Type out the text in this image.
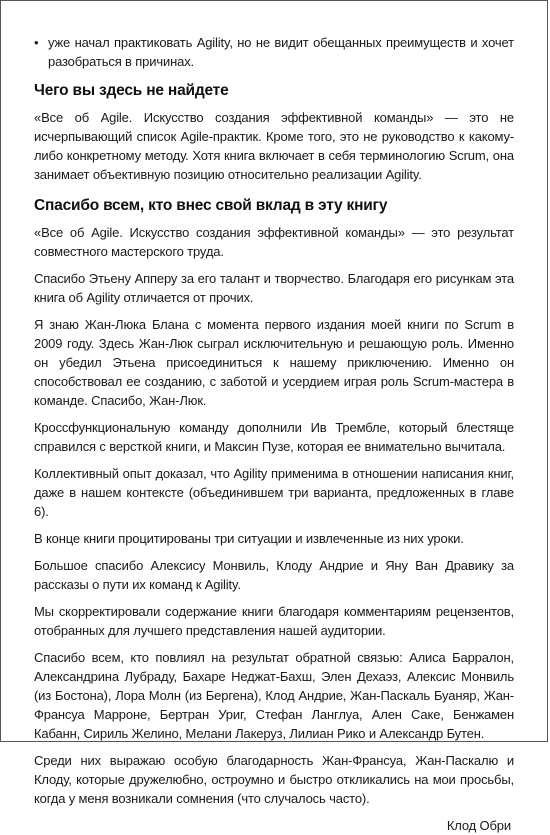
• уже начал практиковать Agility, но не видит обещанных преимуществ и хочет разобраться в причинах.

Чего вы здесь не найдете

«Все об Agile. Искусство создания эффективной команды» — это не исчерпывающий список Agile-практик. Кроме того, это не руководство к какому-либо конкретному методу. Хотя книга включает в себя терминологию Scrum, она занимает объективную позицию относительно реализации Agility.

Спасибо всем, кто внес свой вклад в эту книгу

«Все об Agile. Искусство создания эффективной команды» — это результат совместного мастерского труда.

Спасибо Этьену Апперу за его талант и творчество. Благодаря его рисункам эта книга об Agility отличается от прочих.

Я знаю Жан-Люка Блана с момента первого издания моей книги по Scrum в 2009 году. Здесь Жан-Люк сыграл исключительную и решающую роль. Именно он убедил Этьена присоединиться к нашему приключению. Именно он способствовал ее созданию, с заботой и усердием играя роль Scrum-мастера в команде. Спасибо, Жан-Люк.

Кроссфункциональную команду дополнили Ив Трембле, который блестяще справился с версткой книги, и Максин Пузе, которая ее внимательно вычитала.

Коллективный опыт доказал, что Agility применима в отношении написания книг, даже в нашем контексте (объединившем три варианта, предложенных в главе 6).

В конце книги процитированы три ситуации и извлеченные из них уроки.

Большое спасибо Алексису Монвиль, Клоду Андрие и Яну Ван Дравику за рассказы о пути их команд к Agility.

Мы скорректировали содержание книги благодаря комментариям рецензентов, отобранных для лучшего представления нашей аудитории.

Спасибо всем, кто повлиял на результат обратной связью: Алиса Барралон, Александрина Лубраду, Бахаре Неджат-Бахш, Элен Дехаэз, Алексис Монвиль (из Бостона), Лора Молн (из Бергена), Клод Андрие, Жан-Паскаль Буаняр, Жан-Франсуа Марроне, Бертран Уриг, Стефан Ланглуа, Ален Саке, Бенжамен Кабанн, Сириль Желино, Мелани Лакеруз, Лилиан Рико и Александр Бутен.

Среди них выражаю особую благодарность Жан-Франсуа, Жан-Паскалю и Клоду, которые дружелюбно, остроумно и быстро откликались на мои просьбы, когда у меня возникали сомнения (что случалось часто).

Клод Обри
